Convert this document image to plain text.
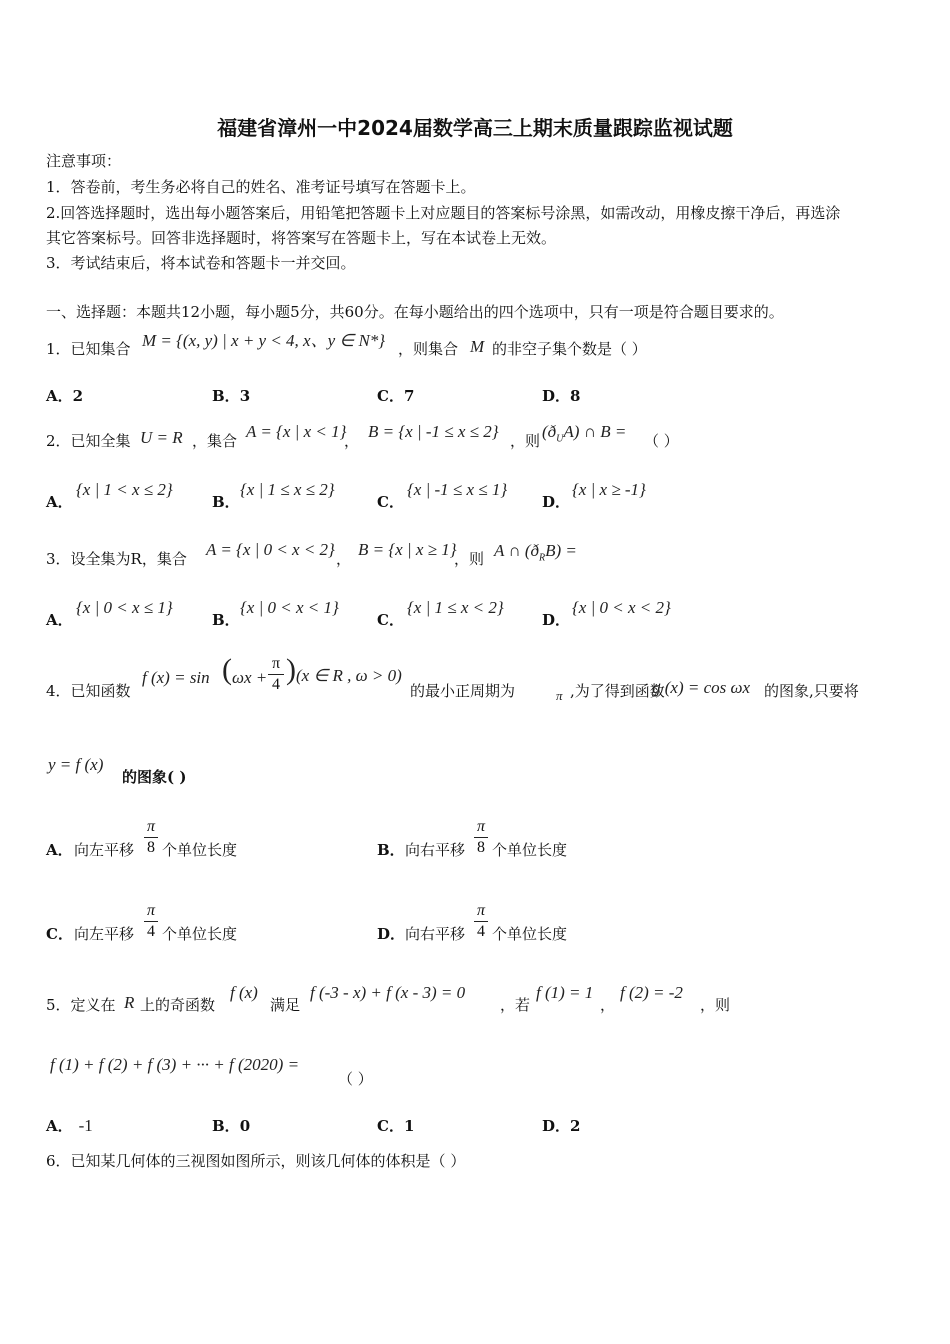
福建省漳州一中2024届数学高三上期末质量跟踪监视试题
注意事项：
1．答卷前，考生务必将自己的姓名、准考证号填写在答题卡上。
2.回答选择题时，选出每小题答案后，用铅笔把答题卡上对应题目的答案标号涂黑，如需改动，用橡皮擦干净后，再选涂
其它答案标号。回答非选择题时，将答案写在答题卡上，写在本试卷上无效。
3．考试结束后，将本试卷和答题卡一并交回。
一、选择题：本题共12小题，每小题5分，共60分。在每小题给出的四个选项中，只有一项是符合题目要求的。
1．已知集合 M = {(x, y) | x + y < 4, x、y ∈ N*} ，则集合 M 的非空子集个数是（ ）
A．2	B．3	C．7	D．8
2．已知全集 U = R ，集合 A = {x | x < 1}
， B = {x | -1 ≤ x ≤ 2} ，则 $(ð_UA)$ ∩ B = （ ）
A．
{x | 1 < x ≤ 2}
B．
{x | 1 ≤ x ≤ 2}
C．
{x | -1 ≤ x ≤ 1}
D．
{x | x ≥ -1}
3．设全集为R，集合 A = {x | 0 < x < 2} ， B = {x | x ≥ 1}
，则 A ∩ $(ð_RB)$ =
A．
{x | 0 < x ≤ 1}
B．
{x | 0 < x < 1}
C．
{x | 1 ≤ x < 2}
D．
{x | 0 < x < 2}
4．已知函数
f (x) = sin ( ωx +
π
4 ) (x ∈ R , ω > 0)
的最小正周期为	π ,为了得到函数
g (x) = cos ωx 的图象,只要将
y = f (x)
的图象( )
A． 向左平移
π
8 个单位长度	B． 向右平移
π
8 个单位长度
C． 向左平移
π
4 个单位长度	D． 向右平移
π
4 个单位长度
5．定义在 R 上的奇函数
f (x)
满足
f (-3 - x) + f (x - 3) = 0
，若
f (1) = 1
，
f (2) = -2
，则
f (1) + f (2) + f (3) + ··· + f (2020) =
（ ）
A． -1	B．0	C．1	D．2
6．已知某几何体的三视图如图所示，则该几何体的体积是（ ）
